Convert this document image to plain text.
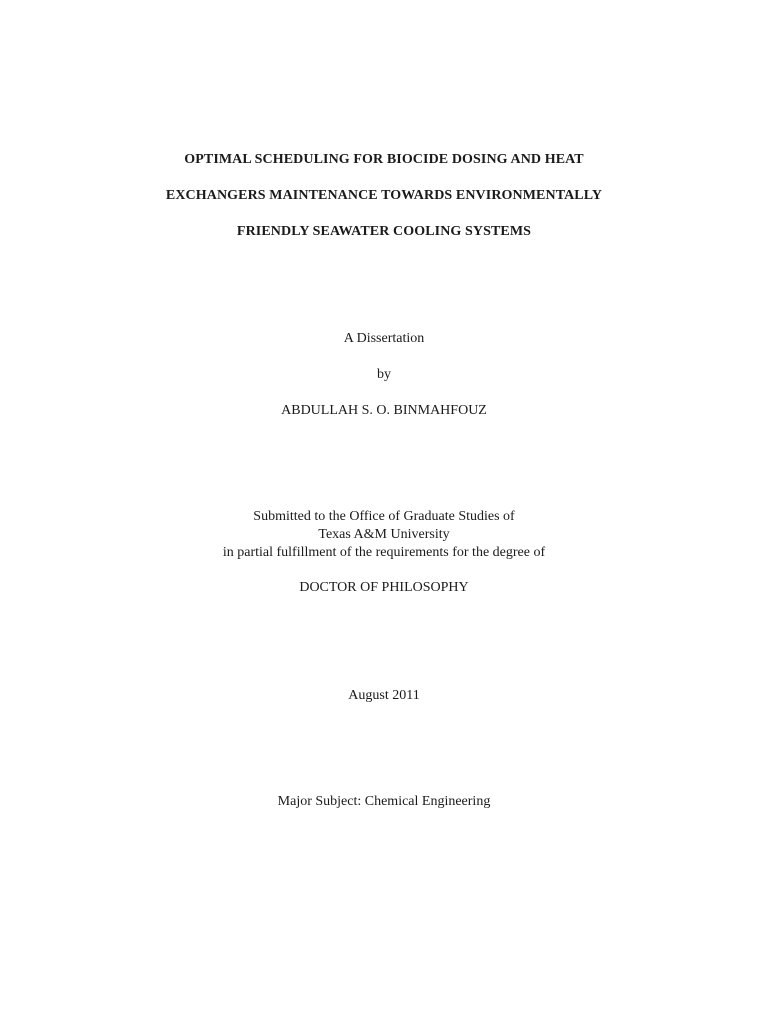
OPTIMAL SCHEDULING FOR BIOCIDE DOSING AND HEAT

EXCHANGERS MAINTENANCE TOWARDS ENVIRONMENTALLY

FRIENDLY SEAWATER COOLING SYSTEMS

A Dissertation

by

ABDULLAH S. O. BINMAHFOUZ

Submitted to the Office of Graduate Studies of

Texas A&M University

in partial fulfillment of the requirements for the degree of

DOCTOR OF PHILOSOPHY

August 2011

Major Subject: Chemical Engineering
